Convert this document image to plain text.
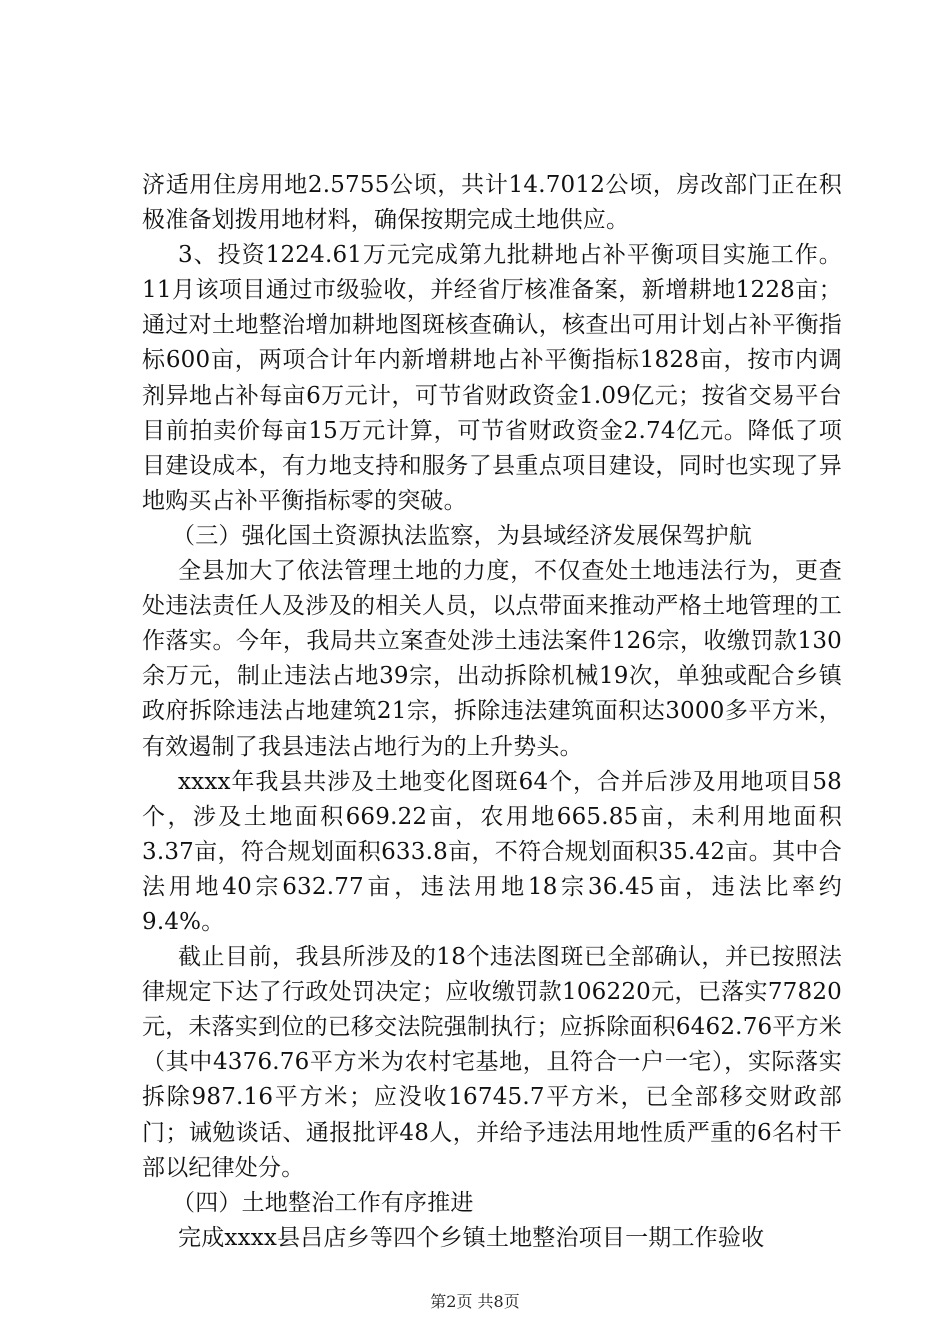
济适用住房用地2.5755公顷，共计14.7012公顷，房改部门正在积极准备划拨用地材料，确保按期完成土地供应。

3、投资1224.61万元完成第九批耕地占补平衡项目实施工作。11月该项目通过市级验收，并经省厅核准备案，新增耕地1228亩；通过对土地整治增加耕地图斑核查确认，核查出可用计划占补平衡指标600亩，两项合计年内新增耕地占补平衡指标1828亩，按市内调剂异地占补每亩6万元计，可节省财政资金1.09亿元；按省交易平台目前拍卖价每亩15万元计算，可节省财政资金2.74亿元。降低了项目建设成本，有力地支持和服务了县重点项目建设，同时也实现了异地购买占补平衡指标零的突破。

（三）强化国土资源执法监察，为县域经济发展保驾护航

全县加大了依法管理土地的力度，不仅查处土地违法行为，更查处违法责任人及涉及的相关人员，以点带面来推动严格土地管理的工作落实。今年，我局共立案查处涉土违法案件126宗，收缴罚款130余万元，制止违法占地39宗，出动拆除机械19次，单独或配合乡镇政府拆除违法占地建筑21宗，拆除违法建筑面积达3000多平方米，有效遏制了我县违法占地行为的上升势头。

xxxx年我县共涉及土地变化图斑64个，合并后涉及用地项目58个，涉及土地面积669.22亩，农用地665.85亩，未利用地面积3.37亩，符合规划面积633.8亩，不符合规划面积35.42亩。其中合法用地40宗632.77亩，违法用地18宗36.45亩，违法比率约9.4%。

截止目前，我县所涉及的18个违法图斑已全部确认，并已按照法律规定下达了行政处罚决定；应收缴罚款106220元，已落实77820元，未落实到位的已移交法院强制执行；应拆除面积6462.76平方米（其中4376.76平方米为农村宅基地，且符合一户一宅），实际落实拆除987.16平方米；应没收16745.7平方米，已全部移交财政部门；诫勉谈话、通报批评48人，并给予违法用地性质严重的6名村干部以纪律处分。

（四）土地整治工作有序推进

完成xxxx县吕店乡等四个乡镇土地整治项目一期工作验收

第2页 共8页
